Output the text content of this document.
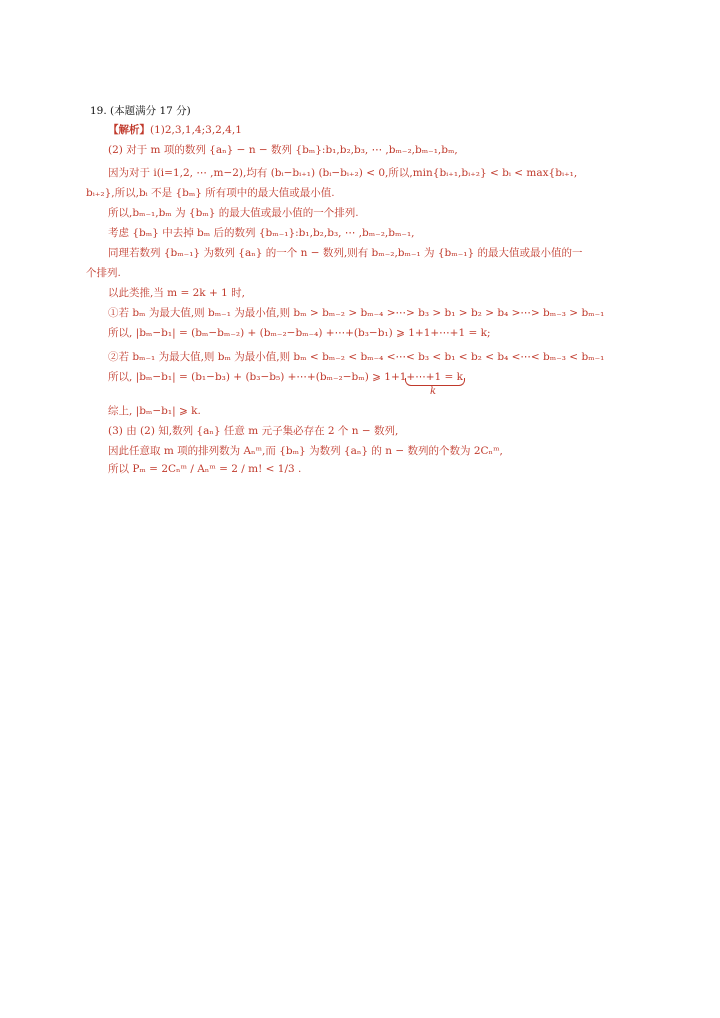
19. (本题满分 17 分)
【解析】(1)2,3,1,4;3,2,4,1
(2) 对于 m 项的数列 {aₙ} − n − 数列 {bₘ}:b₁,b₂,b₃, ⋯ ,bₘ₋₂,bₘ₋₁,bₘ,
因为对于 i(i=1,2, ⋯ ,m−2),均有 (bᵢ−bᵢ₊₁) (bᵢ−bᵢ₊₂) < 0,所以,min{bᵢ₊₁,bᵢ₊₂} < bᵢ < max{bᵢ₊₁,
bᵢ₊₂},所以,bᵢ 不是 {bₘ} 所有项中的最大值或最小值.
所以,bₘ₋₁,bₘ 为 {bₘ} 的最大值或最小值的一个排列.
考虑 {bₘ} 中去掉 bₘ 后的数列 {bₘ₋₁}:b₁,b₂,b₃, ⋯ ,bₘ₋₂,bₘ₋₁,
同理若数列 {bₘ₋₁} 为数列 {aₙ} 的一个 n − 数列,则有 bₘ₋₂,bₘ₋₁ 为 {bₘ₋₁} 的最大值或最小值的一
个排列.
以此类推,当 m = 2k + 1 时,
①若 bₘ 为最大值,则 bₘ₋₁ 为最小值,则 bₘ > bₘ₋₂ > bₘ₋₄ >⋯> b₃ > b₁ > b₂ > b₄ >⋯> bₘ₋₃ > bₘ₋₁
所以, |bₘ−b₁| = (bₘ−bₘ₋₂) + (bₘ₋₂−bₘ₋₄) +⋯+(b₃−b₁) ⩾ 1+1+⋯+1 = k;
②若 bₘ₋₁ 为最大值,则 bₘ 为最小值,则 bₘ < bₘ₋₂ < bₘ₋₄ <⋯< b₃ < b₁ < b₂ < b₄ <⋯< bₘ₋₃ < bₘ₋₁
所以, |bₘ−b₁| = (b₁−b₃) + (b₃−b₅) +⋯+(bₘ₋₂−bₘ) ⩾ 1+1+⋯+1 = k
k
综上, |bₘ−b₁| ⩾ k.
(3) 由 (2) 知,数列 {aₙ} 任意 m 元子集必存在 2 个 n − 数列,
因此任意取 m 项的排列数为 Aₙᵐ,而 {bₘ} 为数列 {aₙ} 的 n − 数列的个数为 2Cₙᵐ,
所以 Pₘ = 2Cₙᵐ / Aₙᵐ = 2 / m! < 1/3 .
